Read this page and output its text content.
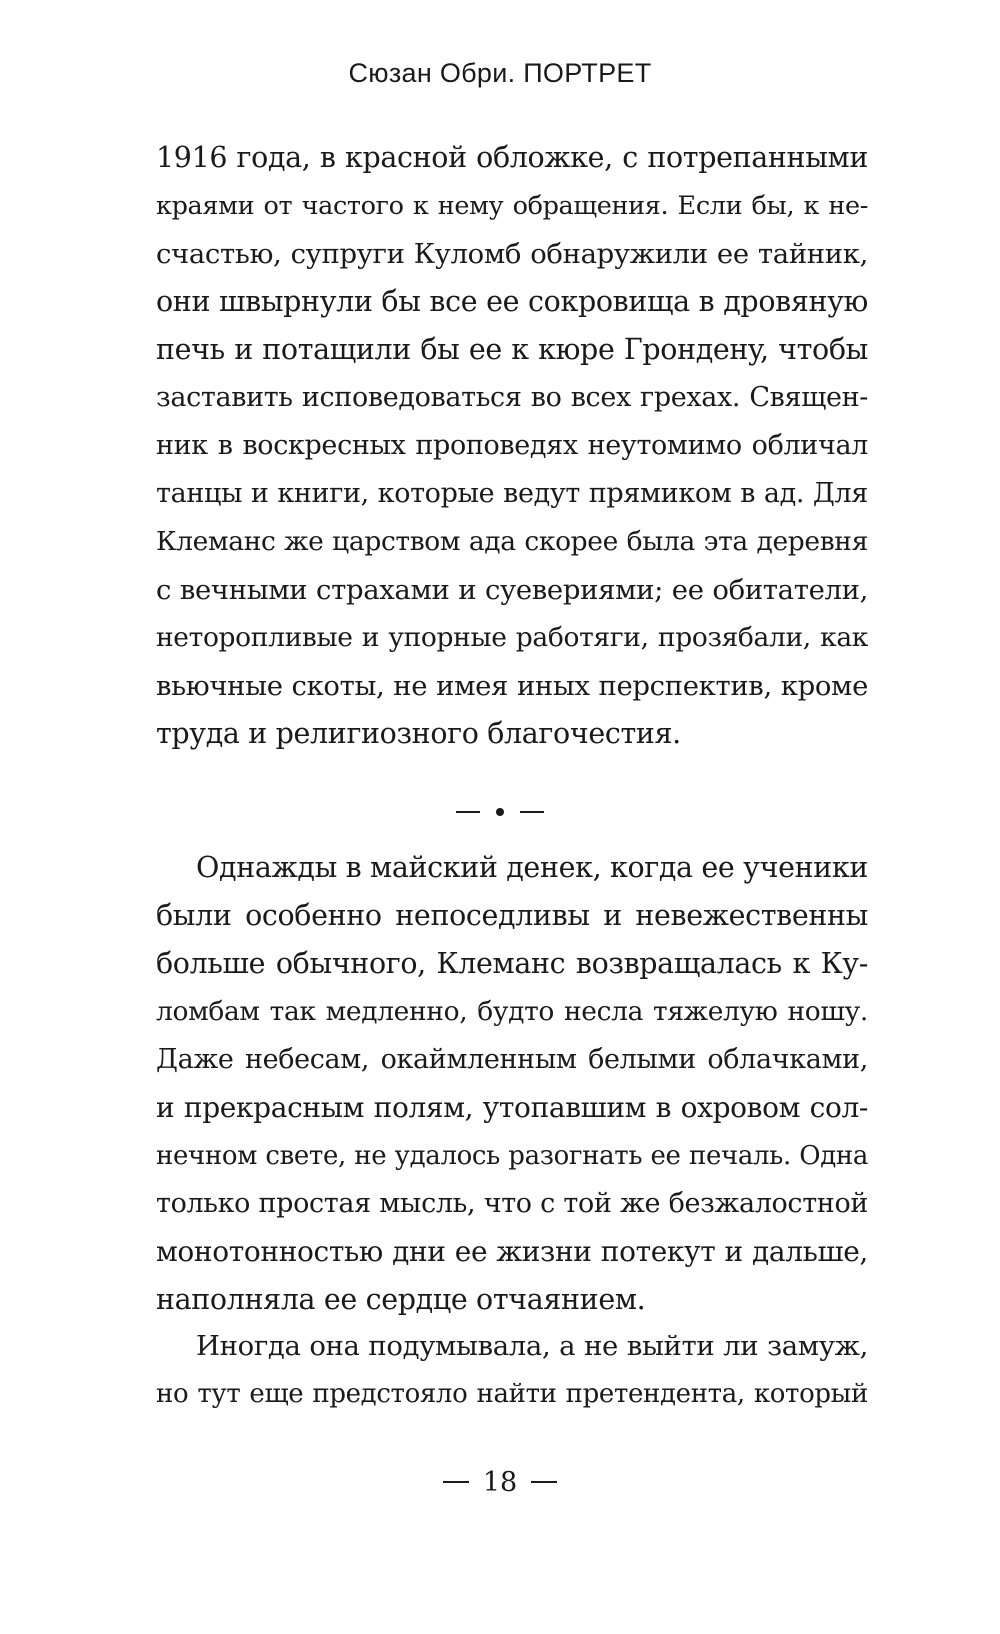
Сюзан Обри. ПОРТРЕТ
1916 года, в красной обложке, с потрепанными
краями от частого к нему обращения. Если бы, к не-
счастью, супруги Куломб обнаружили ее тайник,
они швырнули бы все ее сокровища в дровяную
печь и потащили бы ее к кюре Гронденy, чтобы
заставить исповедоваться во всех грехах. Священ-
ник в воскресных проповедях неутомимо обличал
танцы и книги, которые ведут прямиком в ад. Для
Клеманс же царством ада скорее была эта деревня
с вечными страхами и суевериями; ее обитатели,
неторопливые и упорные работяги, прозябали, как
вьючные скоты, не имея иных перспектив, кроме
труда и религиозного благочестия.
Однажды в майский денек, когда ее ученики
были особенно непоседливы и невежественны
больше обычного, Клеманс возвращалась к Ку-
ломбам так медленно, будто несла тяжелую ношу.
Даже небесам, окаймленным белыми облачками,
и прекрасным полям, утопавшим в охровом сол-
нечном свете, не удалось разогнать ее печаль. Одна
только простая мысль, что с той же безжалостной
монотонностью дни ее жизни потекут и дальше,
наполняла ее сердце отчаянием.
Иногда она подумывала, а не выйти ли замуж,
но тут еще предстояло найти претендента, который
18
